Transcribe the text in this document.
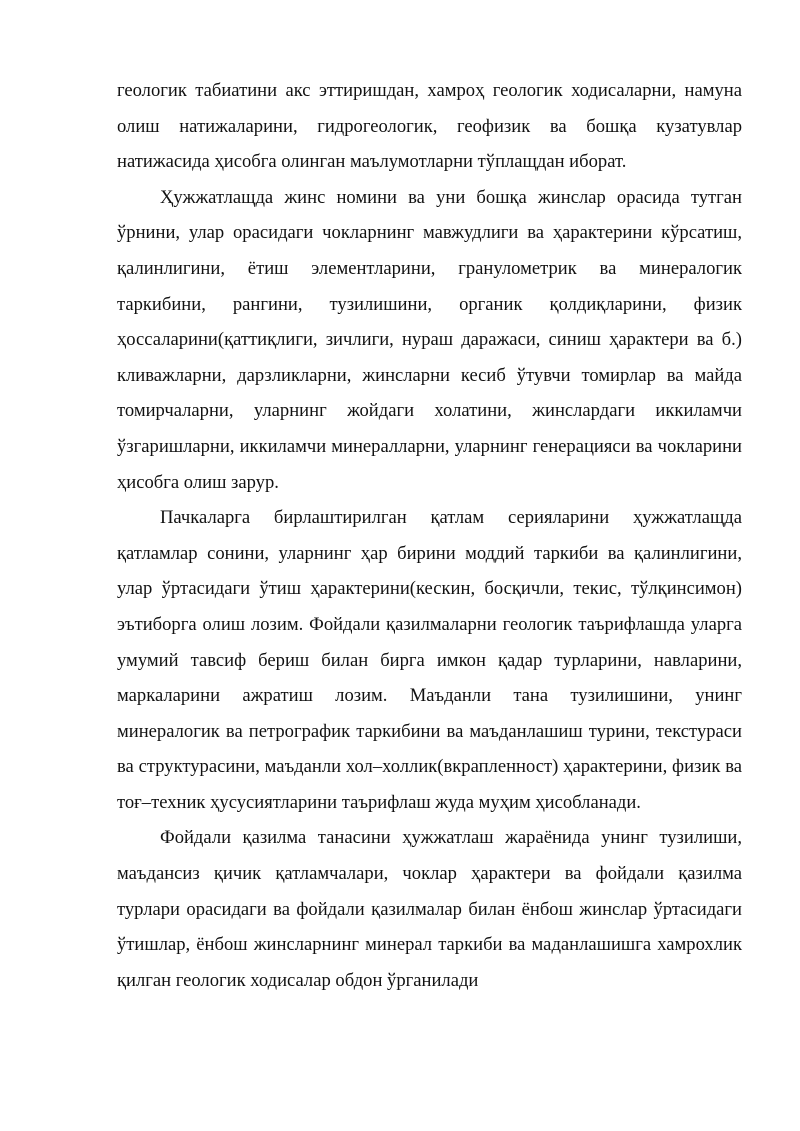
геологик табиатини акс эттиришдан, хамроҳ геологик ходисаларни, намуна олиш натижаларини, гидрогеологик, геофизик ва бошқа кузатувлар натижасида ҳисобга олинган маълумотларни тўплащдан иборат.

Ҳужжатлащда жинс номини ва уни бошқа жинслар орасида тутган ўрнини, улар орасидаги чокларнинг мавжудлиги ва ҳарактерини кўрсатиш, қалинлигини, ётиш элементларини, гранулометрик ва минералогик таркибини, рангини, тузилишини, органик қолдиқларини, физик ҳоссаларини(қаттиқлиги, зичлиги, нураш даражаси, синиш ҳарактери ва б.) кливажларни, дарзликларни, жинсларни кесиб ўтувчи томирлар ва майда томирчаларни, уларнинг жойдаги холатини, жинслардаги иккиламчи ўзгаришларни, иккиламчи минералларни, уларнинг генерацияси ва чокларини ҳисобга олиш зарур.

Пачкаларга бирлаштирилган қатлам серияларини ҳужжатлащда қатламлар сонини, уларнинг ҳар бирини моддий таркиби ва қалинлигини, улар ўртасидаги ўтиш ҳарактерини(кескин, босқичли, текис, тўлқинсимон) эътиборга олиш лозим. Фойдали қазилмаларни геологик таърифлашда уларга умумий тавсиф бериш билан бирга имкон қадар турларини, навларини, маркаларини ажратиш лозим. Маъданли тана тузилишини, унинг минералогик ва петрографик таркибини ва маъданлашиш турини, текстураси ва структурасини, маъданли хол–холлик(вкрапленност) ҳарактерини, физик ва тоғ–техник ҳусусиятларини таърифлаш жуда муҳим ҳисобланади.

Фойдали қазилма танасини ҳужжатлаш жараёнида унинг тузилиши, маъдансиз қичик қатламчалари, чоклар ҳарактери ва фойдали қазилма турлари орасидаги ва фойдали қазилмалар билан ёнбош жинслар ўртасидаги ўтишлар, ёнбош жинсларнинг минерал таркиби ва маданлашишга хамрохлик қилган геологик ходисалар обдон ўрганилади
